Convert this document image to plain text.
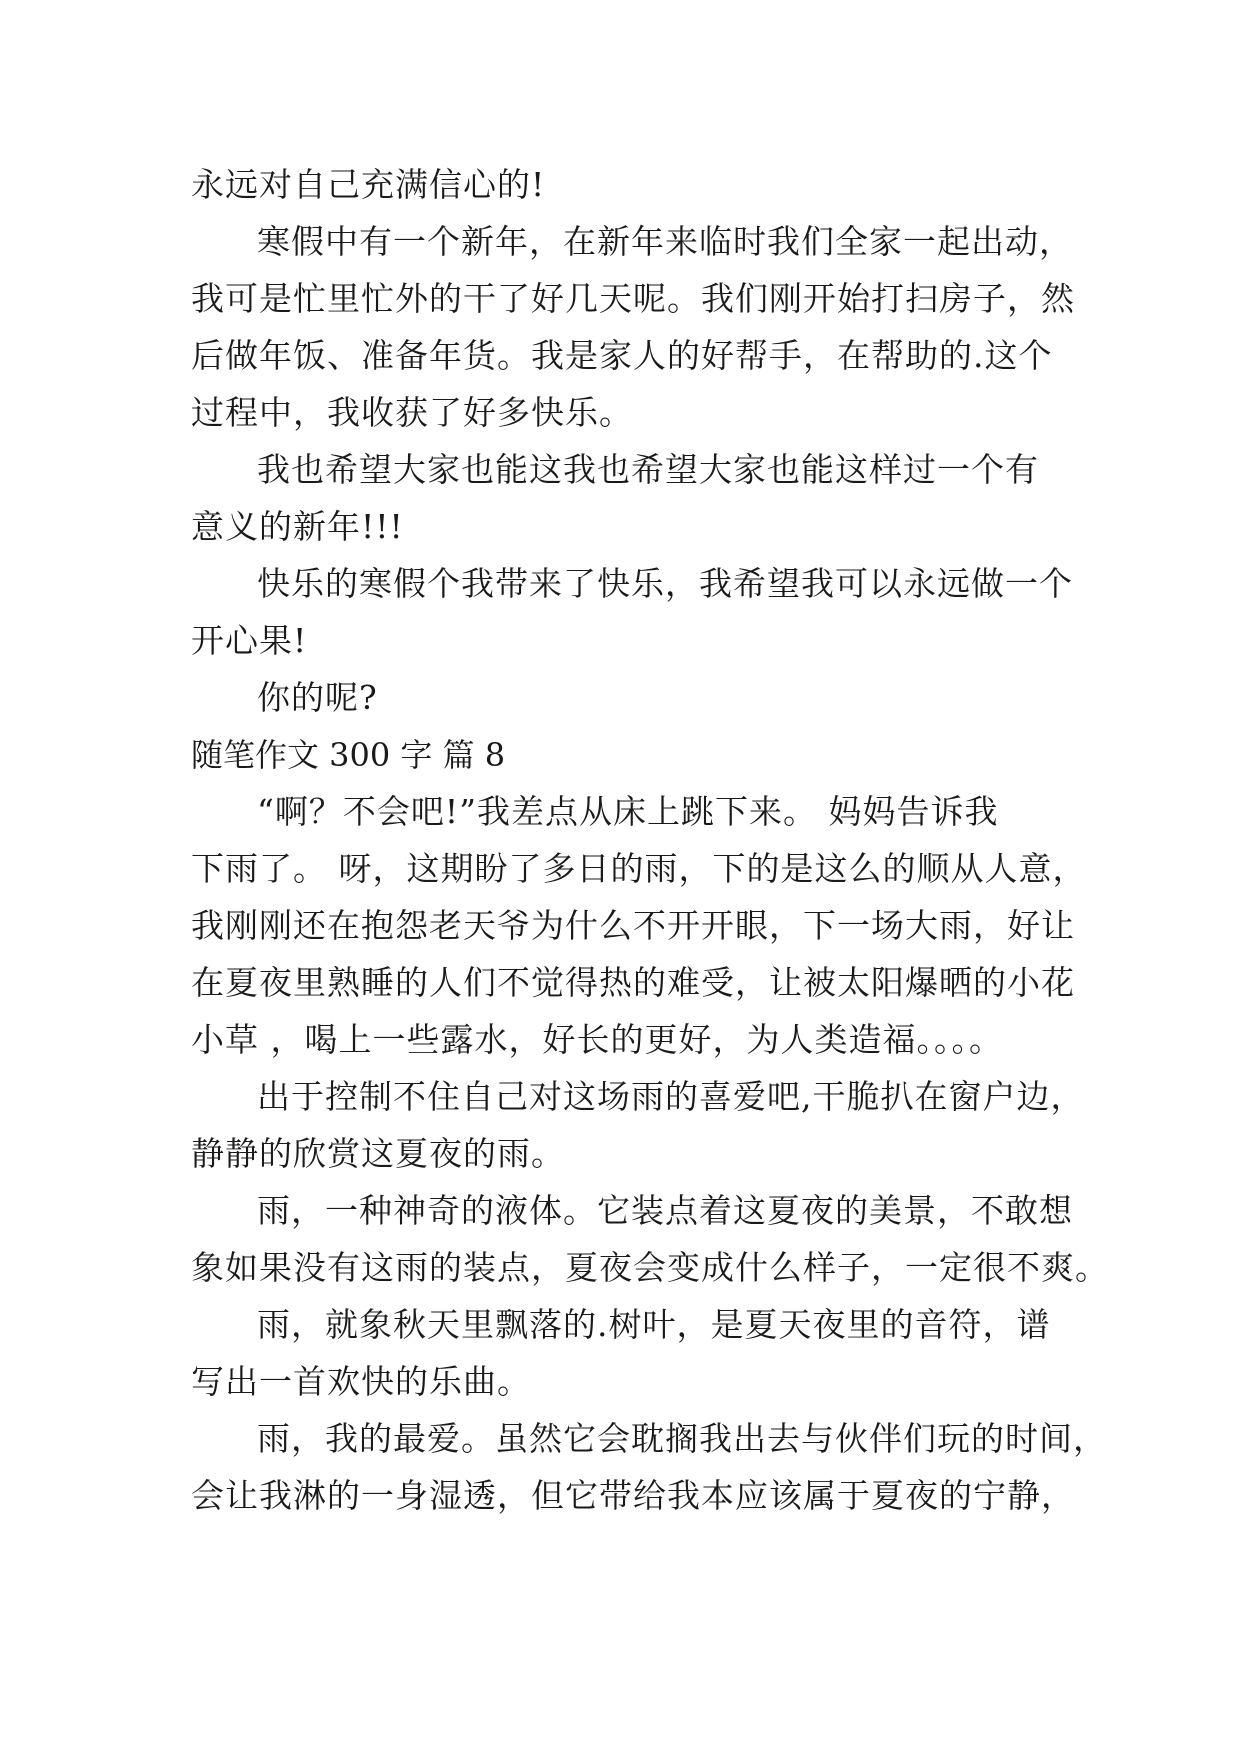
永远对自己充满信心的!

寒假中有一个新年，在新年来临时我们全家一起出动，

我可是忙里忙外的干了好几天呢。我们刚开始打扫房子，然

后做年饭、准备年货。我是家人的好帮手，在帮助的.这个

过程中，我收获了好多快乐。

我也希望大家也能这我也希望大家也能这样过一个有

意义的新年!!!

快乐的寒假个我带来了快乐，我希望我可以永远做一个

开心果!

你的呢?

随笔作文 300 字 篇 8

“啊？不会吧!”我差点从床上跳下来。 妈妈告诉我

下雨了。 呀，这期盼了多日的雨，下的是这么的顺从人意，

我刚刚还在抱怨老天爷为什么不开开眼，下一场大雨，好让

在夏夜里熟睡的人们不觉得热的难受，让被太阳爆晒的小花

小草 ，喝上一些露水，好长的更好，为人类造福。。。。

出于控制不住自己对这场雨的喜爱吧,干脆扒在窗户边，

静静的欣赏这夏夜的雨。

雨，一种神奇的液体。它装点着这夏夜的美景，不敢想

象如果没有这雨的装点，夏夜会变成什么样子，一定很不爽。

雨，就象秋天里飘落的.树叶，是夏天夜里的音符，谱

写出一首欢快的乐曲。

雨，我的最爱。虽然它会耽搁我出去与伙伴们玩的时间，

会让我淋的一身湿透，但它带给我本应该属于夏夜的宁静，
